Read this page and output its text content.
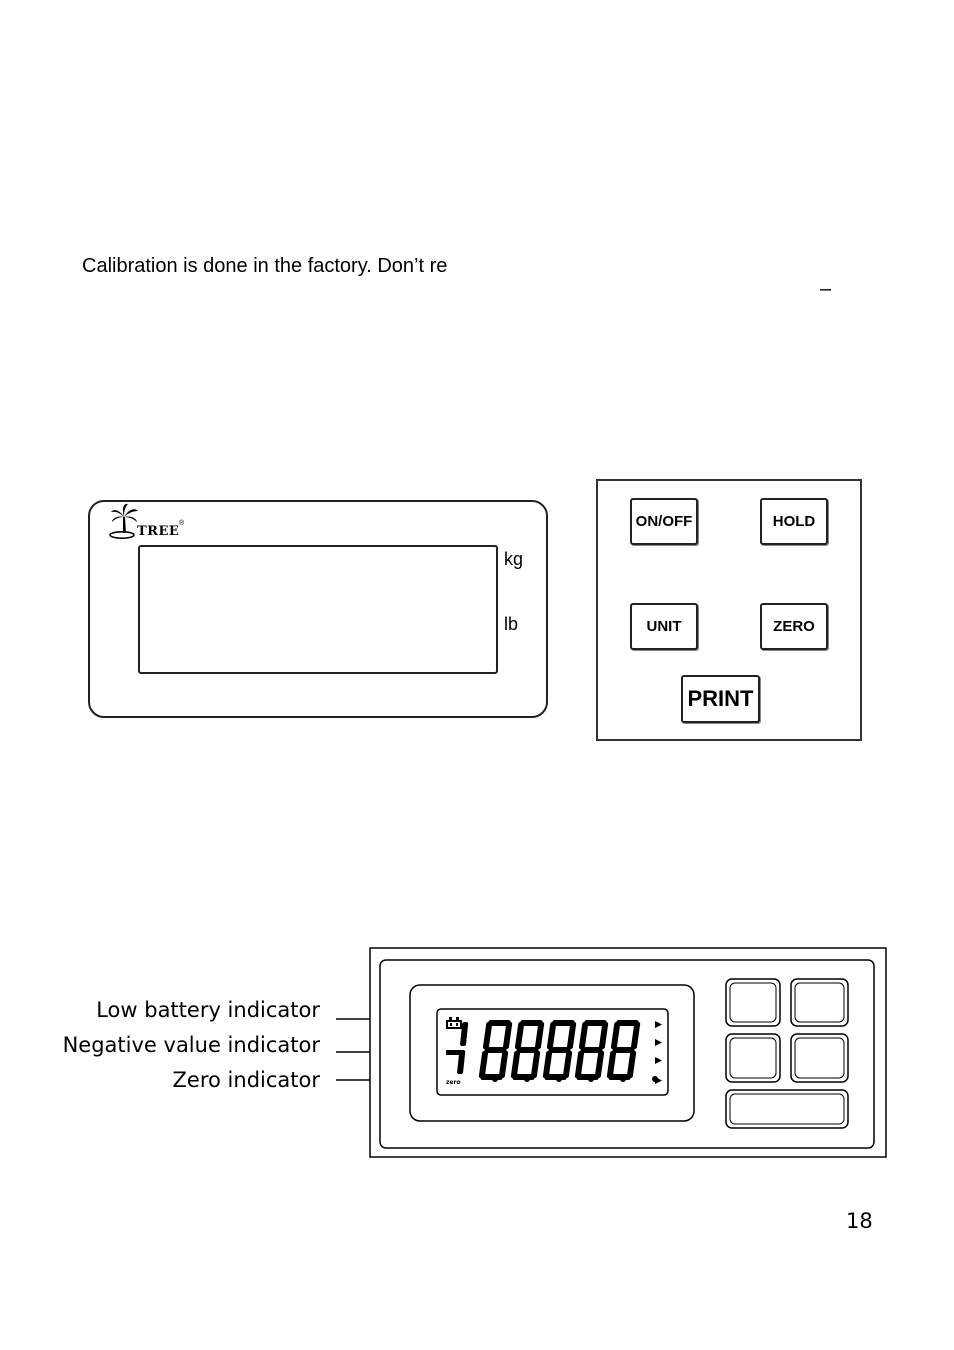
Calibration is done in the factory. Don’t re
–
TREE
®
kg
lb
ON/OFF	HOLD
UNIT	ZERO
PRINT
Low battery indicator
Negative value indicator
Zero indicator	zero
18
